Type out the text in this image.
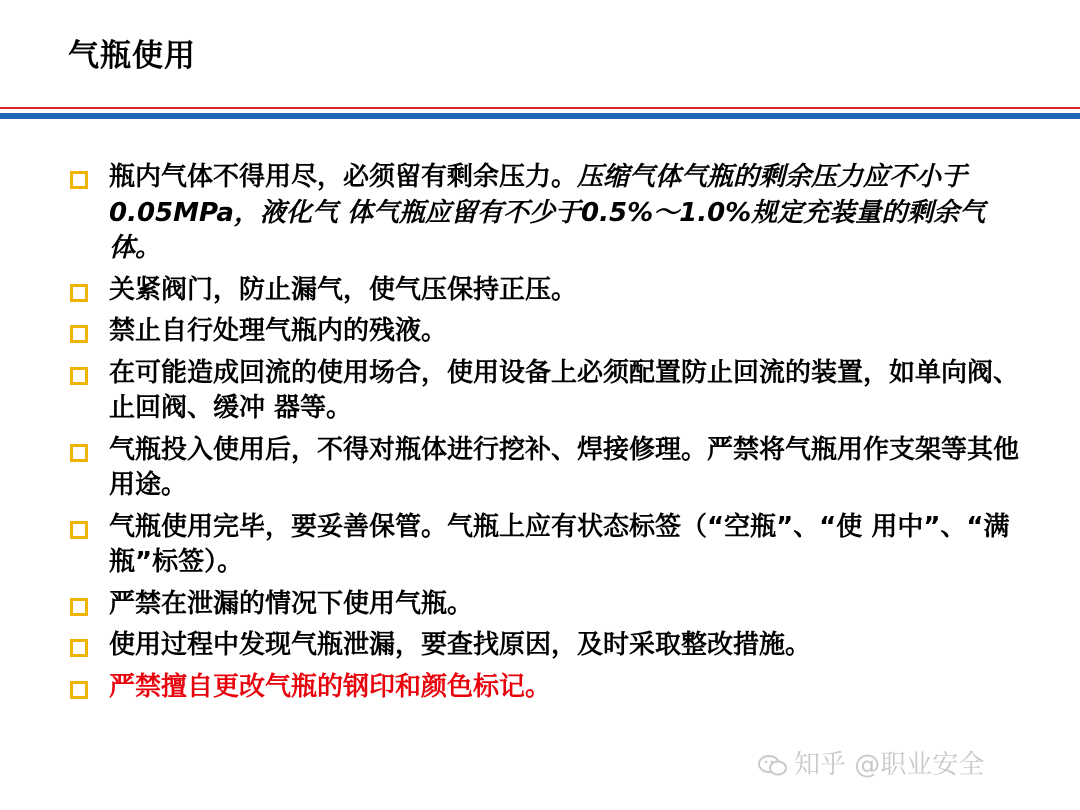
气瓶使用
瓶内气体不得用尽，必须留有剩余压力。压缩气体气瓶的剩余压力应不小于0.05MPa，液化气 体气瓶应留有不少于0.5%～1.0%规定充装量的剩余气体。
关紧阀门，防止漏气，使气压保持正压。
禁止自行处理气瓶内的残液。
在可能造成回流的使用场合，使用设备上必须配置防止回流的装置，如单向阀、止回阀、缓冲 器等。
气瓶投入使用后，不得对瓶体进行挖补、焊接修理。严禁将气瓶用作支架等其他用途。
气瓶使用完毕，要妥善保管。气瓶上应有状态标签（“空瓶”、“使 用中”、“满瓶”标签）。
严禁在泄漏的情况下使用气瓶。
使用过程中发现气瓶泄漏，要查找原因，及时采取整改措施。
严禁擅自更改气瓶的钢印和颜色标记。
知乎 @职业安全
